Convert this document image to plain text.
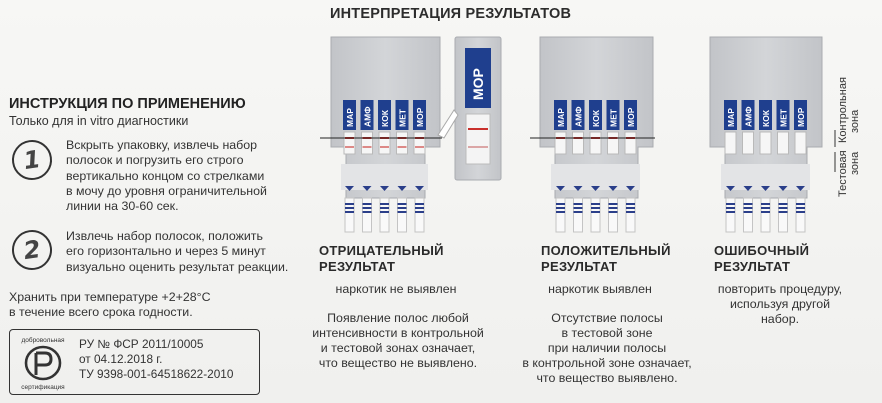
ИНТЕРПРЕТАЦИЯ РЕЗУЛЬТАТОВ
ИНСТРУКЦИЯ ПО ПРИМЕНЕНИЮ
Только для in vitro диагностики
1	Вскрыть упаковку, извлечь набор
полосок и погрузить его строго
вертикально концом со стрелками
в мочу до уровня ограничительной
линии на 30-60 сек.
2	Извлечь набор полосок, положить
его горизонтально и через 5 минут
визуально оценить результат реакции.
Хранить при температуре +2+28°С
в течение всего срока годности.
добровольная
сертификация
РУ № ФСР 2011/10005
от 04.12.2018 г.
ТУ 9398-001-64518622-2010
МАР АМФ КОК МЕТ МОР
МОР
МАР АМФ КОК МЕТ МОР	МАР АМФ КОК МЕТ МОР	Контрольная зона
Тестовая зона
ОТРИЦАТЕЛЬНЫЙ
РЕЗУЛЬТАТ
наркотик не выявлен
Появление полос любой
интенсивности в контрольной
и тестовой зонах означает,
что вещество не выявлено.
ПОЛОЖИТЕЛЬНЫЙ
РЕЗУЛЬТАТ
наркотик выявлен
Отсутствие полосы
в тестовой зоне
при наличии полосы
в контрольной зоне означает,
что вещество выявлено.
ОШИБОЧНЫЙ
РЕЗУЛЬТАТ
повторить процедуру,
используя другой
набор.
